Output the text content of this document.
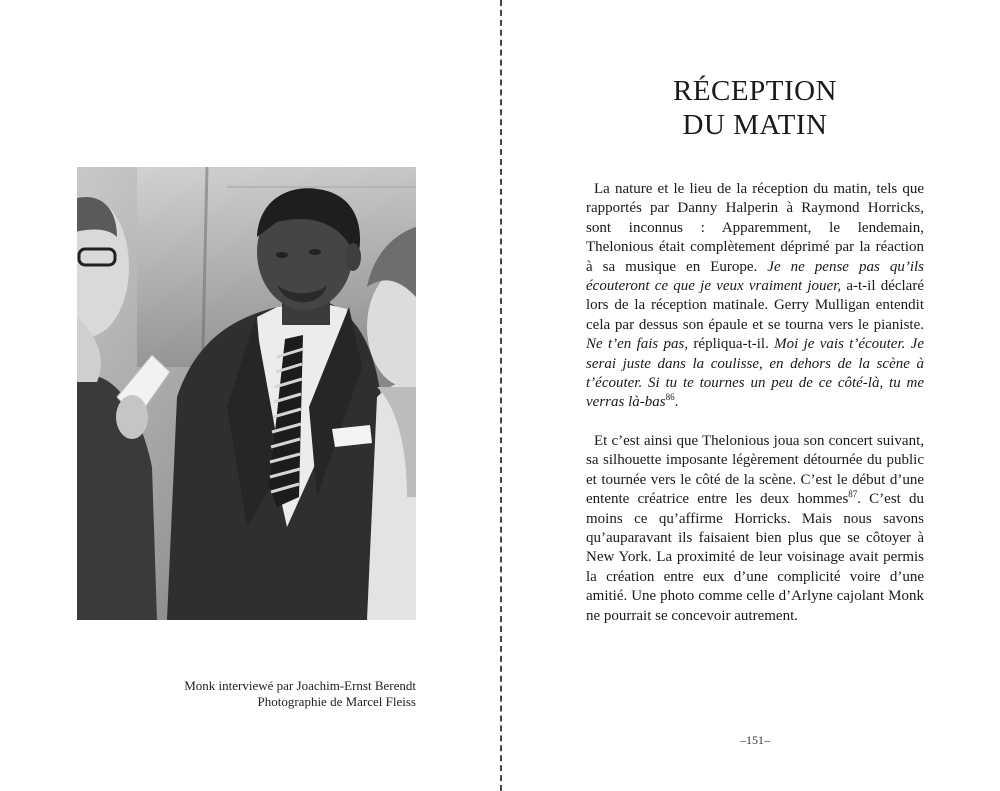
Monk interviewé par Joachim-Ernst Berendt
Photographie de Marcel Fleiss
RÉCEPTION
DU MATIN

La nature et le lieu de la réception du matin, tels que rapportés par Danny Halperin à Raymond Horricks, sont inconnus : Apparemment, le lendemain, Thelonious était complètement déprimé par la réaction à sa musique en Europe. Je ne pense pas qu’ils écouteront ce que je veux vraiment jouer, a-t-il déclaré lors de la réception matinale. Gerry Mulligan entendit cela par dessus son épaule et se tourna vers le pianiste. Ne t’en fais pas, répliqua-t-il. Moi je vais t’écouter. Je serai juste dans la coulisse, en dehors de la scène à t’écouter. Si tu te tournes un peu de ce côté-là, tu me verras là-bas$^{86}$.

Et c’est ainsi que Thelonious joua son concert suivant, sa silhouette imposante légèrement détournée du public et tournée vers le côté de la scène. C’est le début d’une entente créatrice entre les deux hommes$^{87}$. C’est du moins ce qu’affirme Horricks. Mais nous savons qu’auparavant ils faisaient bien plus que se côtoyer à New York. La proximité de leur voisinage avait permis la création entre eux d’une complicité voire d’une amitié. Une photo comme celle d’Arlyne cajolant Monk ne pourrait se concevoir autrement.

–151–
